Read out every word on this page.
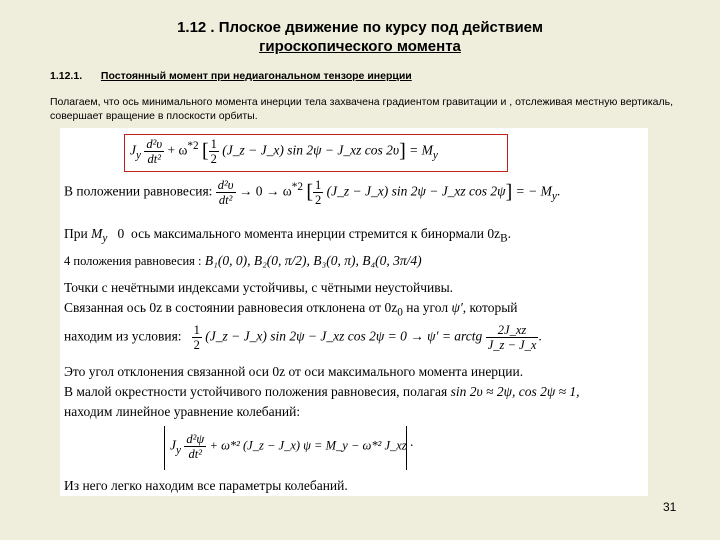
1.12 . Плоское движение по курсу под действием
гироскопического момента
1.12.1. Постоянный момент при недиагональном тензоре инерции
Полагаем, что ось минимального момента инерции тела захвачена градиентом гравитации и , отслеживая местную вертикаль, совершает вращение в плоскости орбиты.
$J_y \frac{\text{d²υ}}{\text{dt²}} + \omega^{*2}$ [ $\frac{1}{2}$ (J_z − J_x) sin 2ψ − J_xz $\cos 2\upsilon] = M_y$
В положении равновесия: $\frac{\text{d²υ}}{\text{dt²}} \to 0 \to \omega^{*2}$ [ $\frac{1}{2}$ (J_z − J_x) sin 2ψ − J_xz cos 2ψ] = − $M_y$.
При $M_y$ 0 ось максимального момента инерции стремится к бинормали $0z_B$.
4 положения равновесия : B₁(0, 0), B₂(0, π/2), B₃(0, π), B₄(0, 3π/4)
Точки с нечётными индексами устойчивы, с чётными неустойчивы.
Связанная ось 0z в состоянии равновесия отклонена от $0z_0$ на угол ψ′, который
находим из условия: $\frac{1}{2}$ (J_z − J_x) sin 2ψ − J_xz cos 2ψ = 0 → ψ′ = arctg $\frac{2J\_xz}{J\_z - J\_x}$ .
Это угол отклонения связанной оси 0z от оси максимального момента инерции.
В малой окрестности устойчивого положения равновесия, полагая sin 2υ ≈ 2ψ, cos 2ψ ≈ 1,
находим линейное уравнение колебаний:
$J_y \frac{\text{d²ψ}}{\text{dt²}} + \omega*^2$ (J_z − J_x) ψ = M_y − ω*² J_xz .
Из него легко находим все параметры колебаний.
31
